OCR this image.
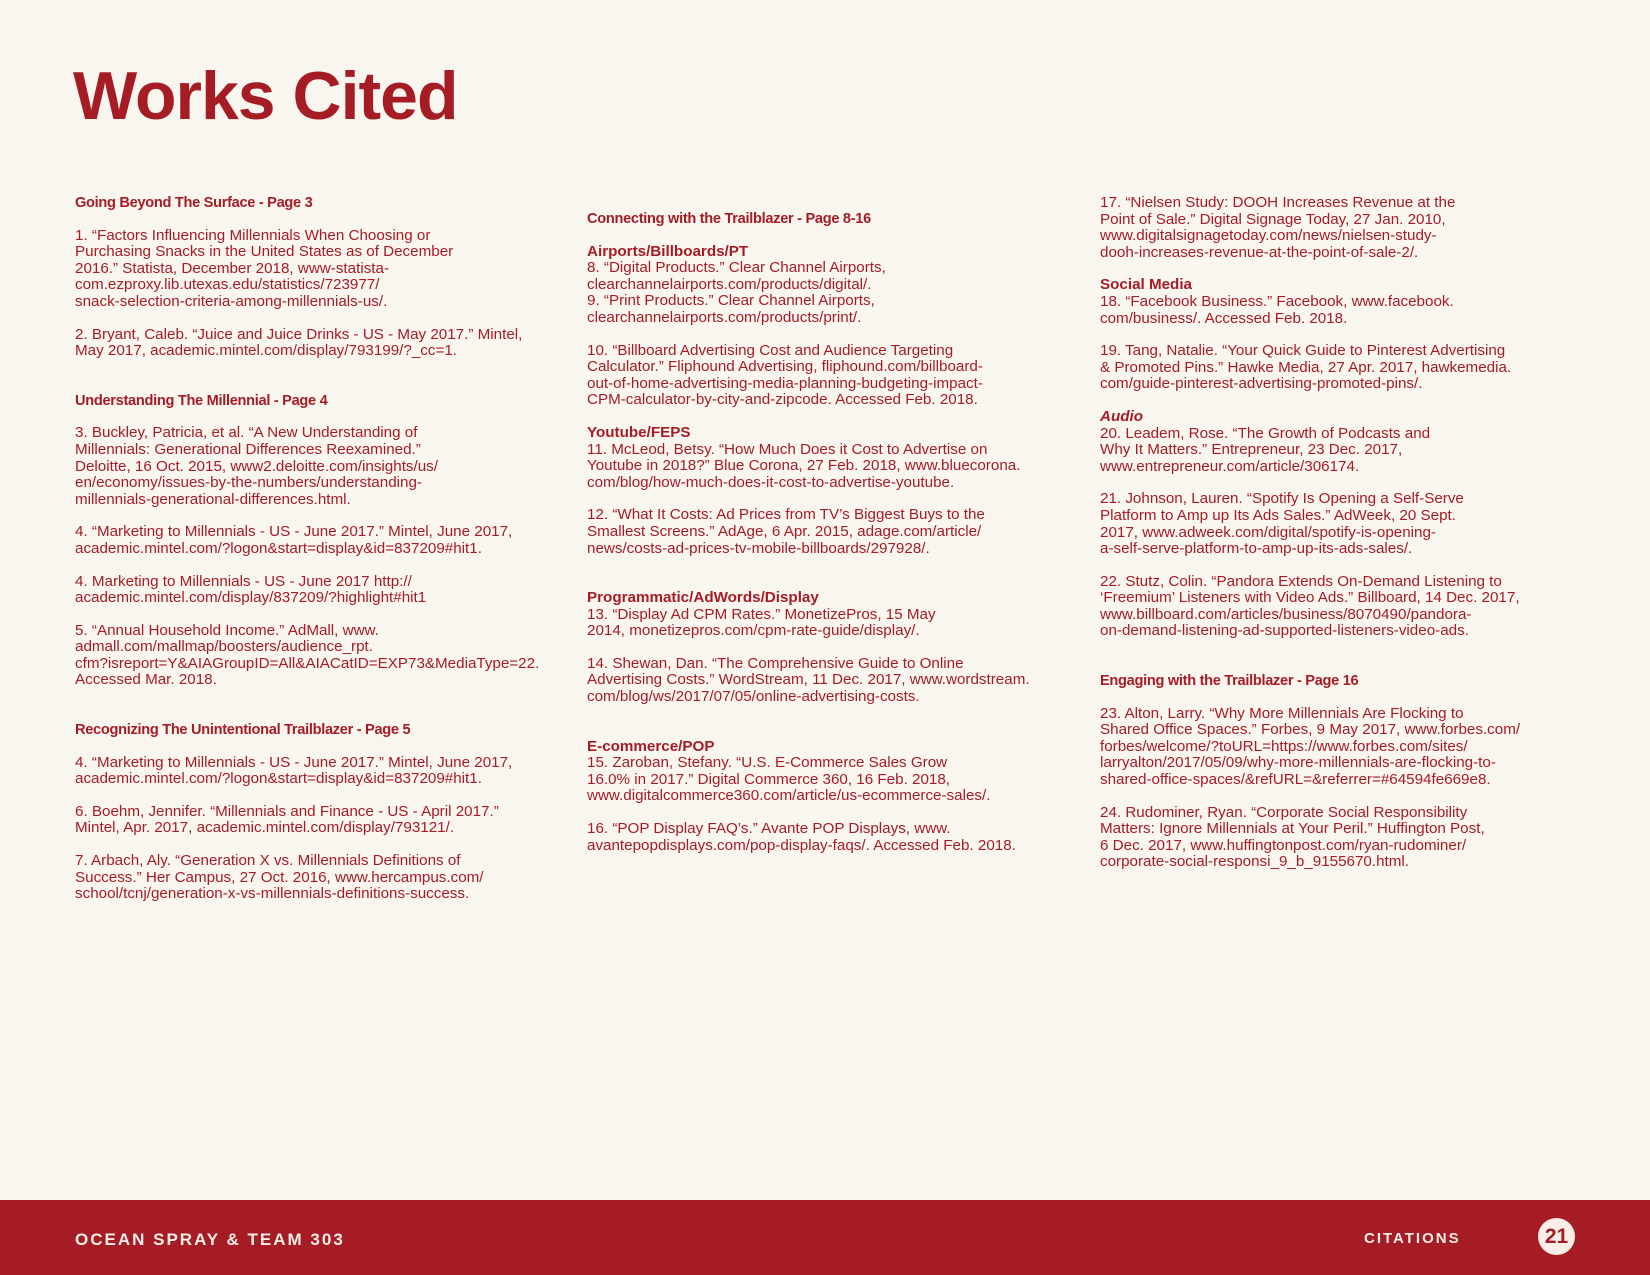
Works Cited

Going Beyond The Surface - Page 3

1. “Factors Influencing Millennials When Choosing or
Purchasing Snacks in the United States as of December
2016.” Statista, December 2018, www-statista-
com.ezproxy.lib.utexas.edu/statistics/723977/
snack-selection-criteria-among-millennials-us/.

2. Bryant, Caleb. “Juice and Juice Drinks - US - May 2017.” Mintel,
May 2017, academic.mintel.com/display/793199/?_cc=1.

Understanding The Millennial - Page 4

3. Buckley, Patricia, et al. “A New Understanding of
Millennials: Generational Differences Reexamined.”
Deloitte, 16 Oct. 2015, www2.deloitte.com/insights/us/
en/economy/issues-by-the-numbers/understanding-
millennials-generational-differences.html.

4. “Marketing to Millennials - US - June 2017.” Mintel, June 2017,
academic.mintel.com/?logon&start=display&id=837209#hit1.

4. Marketing to Millennials - US - June 2017 http://
academic.mintel.com/display/837209/?highlight#hit1

5. “Annual Household Income.” AdMall, www.
admall.com/mallmap/boosters/audience_rpt.
cfm?isreport=Y&AIAGroupID=All&AIACatID=EXP73&MediaType=22.
Accessed Mar. 2018.

Recognizing The Unintentional Trailblazer - Page 5

4. “Marketing to Millennials - US - June 2017.” Mintel, June 2017,
academic.mintel.com/?logon&start=display&id=837209#hit1.

6. Boehm, Jennifer. “Millennials and Finance - US - April 2017.”
Mintel, Apr. 2017, academic.mintel.com/display/793121/.

7. Arbach, Aly. “Generation X vs. Millennials Definitions of
Success.” Her Campus, 27 Oct. 2016, www.hercampus.com/
school/tcnj/generation-x-vs-millennials-definitions-success.

Connecting with the Trailblazer - Page 8-16

Airports/Billboards/PT

8. “Digital Products.” Clear Channel Airports,
clearchannelairports.com/products/digital/.
9. “Print Products.” Clear Channel Airports,
clearchannelairports.com/products/print/.

10. “Billboard Advertising Cost and Audience Targeting
Calculator.” Fliphound Advertising, fliphound.com/billboard-
out-of-home-advertising-media-planning-budgeting-impact-
CPM-calculator-by-city-and-zipcode. Accessed Feb. 2018.

Youtube/FEPS

11. McLeod, Betsy. “How Much Does it Cost to Advertise on
Youtube in 2018?” Blue Corona, 27 Feb. 2018, www.bluecorona.
com/blog/how-much-does-it-cost-to-advertise-youtube.

12. “What It Costs: Ad Prices from TV’s Biggest Buys to the
Smallest Screens.” AdAge, 6 Apr. 2015, adage.com/article/
news/costs-ad-prices-tv-mobile-billboards/297928/.

Programmatic/AdWords/Display

13. “Display Ad CPM Rates.” MonetizePros, 15 May
2014, monetizepros.com/cpm-rate-guide/display/.

14. Shewan, Dan. “The Comprehensive Guide to Online
Advertising Costs.” WordStream, 11 Dec. 2017, www.wordstream.
com/blog/ws/2017/07/05/online-advertising-costs.

E-commerce/POP

15. Zaroban, Stefany. “U.S. E-Commerce Sales Grow
16.0% in 2017.” Digital Commerce 360, 16 Feb. 2018,
www.digitalcommerce360.com/article/us-ecommerce-sales/.

16. “POP Display FAQ’s.” Avante POP Displays, www.
avantepopdisplays.com/pop-display-faqs/. Accessed Feb. 2018.

17. “Nielsen Study: DOOH Increases Revenue at the
Point of Sale.” Digital Signage Today, 27 Jan. 2010,
www.digitalsignagetoday.com/news/nielsen-study-
dooh-increases-revenue-at-the-point-of-sale-2/.

Social Media

18. “Facebook Business.” Facebook, www.facebook.
com/business/. Accessed Feb. 2018.

19. Tang, Natalie. “Your Quick Guide to Pinterest Advertising
& Promoted Pins.” Hawke Media, 27 Apr. 2017, hawkemedia.
com/guide-pinterest-advertising-promoted-pins/.

Audio

20. Leadem, Rose. “The Growth of Podcasts and
Why It Matters.” Entrepreneur, 23 Dec. 2017,
www.entrepreneur.com/article/306174.

21. Johnson, Lauren. “Spotify Is Opening a Self-Serve
Platform to Amp up Its Ads Sales.” AdWeek, 20 Sept.
2017, www.adweek.com/digital/spotify-is-opening-
a-self-serve-platform-to-amp-up-its-ads-sales/.

22. Stutz, Colin. “Pandora Extends On-Demand Listening to
‘Freemium’ Listeners with Video Ads.” Billboard, 14 Dec. 2017,
www.billboard.com/articles/business/8070490/pandora-
on-demand-listening-ad-supported-listeners-video-ads.

Engaging with the Trailblazer - Page 16

23. Alton, Larry. “Why More Millennials Are Flocking to
Shared Office Spaces.” Forbes, 9 May 2017, www.forbes.com/
forbes/welcome/?toURL=https://www.forbes.com/sites/
larryalton/2017/05/09/why-more-millennials-are-flocking-to-
shared-office-spaces/&refURL=&referrer=#64594fe669e8.

24. Rudominer, Ryan. “Corporate Social Responsibility
Matters: Ignore Millennials at Your Peril.” Huffington Post,
6 Dec. 2017, www.huffingtonpost.com/ryan-rudominer/
corporate-social-responsi_9_b_9155670.html.

OCEAN SPRAY & TEAM 303	CITATIONS	21
